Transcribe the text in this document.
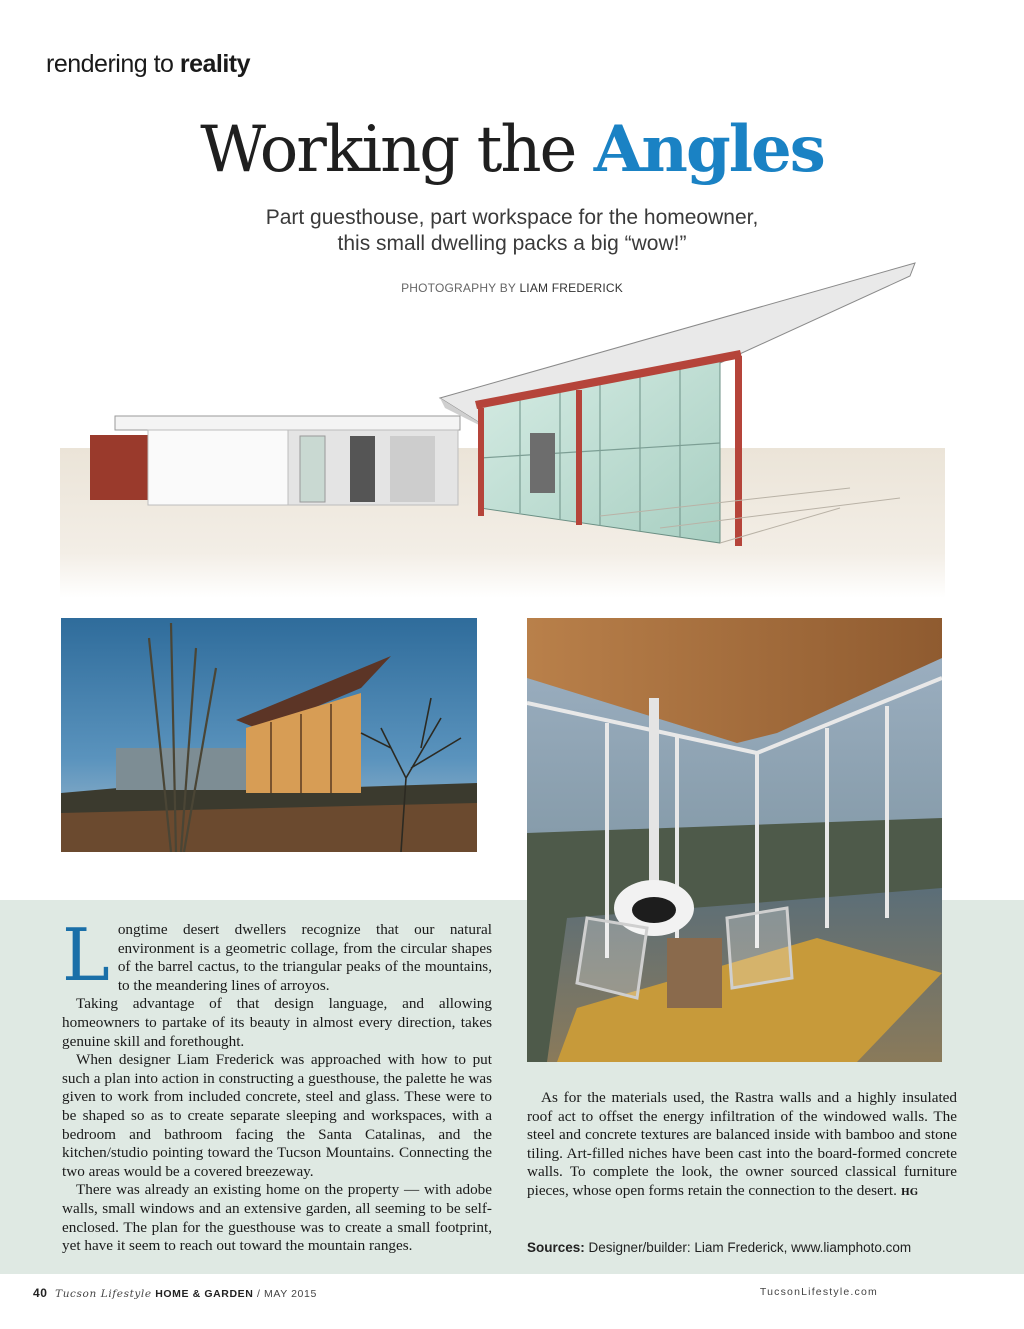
rendering to reality
Working the Angles
Part guesthouse, part workspace for the homeowner,
this small dwelling packs a big “wow!”
PHOTOGRAPHY BY LIAM FREDERICK

Longtime desert dwellers recognize that our natural environment is a geometric collage, from the circular shapes of the barrel cactus, to the triangular peaks of the mountains, to the meandering lines of arroyos.

Taking advantage of that design language, and allowing homeowners to partake of its beauty in almost every direction, takes genuine skill and forethought.

When designer Liam Frederick was approached with how to put such a plan into action in constructing a guesthouse, the palette he was given to work from included concrete, steel and glass. These were to be shaped so as to create separate sleeping and workspaces, with a bedroom and bathroom facing the Santa Catalinas, and the kitchen/studio pointing toward the Tucson Mountains. Connecting the two areas would be a covered breezeway.

There was already an existing home on the property — with adobe walls, small windows and an extensive garden, all seeming to be self-enclosed. The plan for the guesthouse was to create a small footprint, yet have it seem to reach out toward the mountain ranges.

As for the materials used, the Rastra walls and a highly insulated roof act to offset the energy infiltration of the windowed walls. The steel and concrete textures are balanced inside with bamboo and stone tiling. Art-filled niches have been cast into the board-formed concrete walls. To complete the look, the owner sourced classical furniture pieces, whose open forms retain the connection to the desert. HG

Sources: Designer/builder: Liam Frederick, www.liamphoto.com
40 Tucson Lifestyle HOME & GARDEN / MAY 2015	TucsonLifestyle.com
